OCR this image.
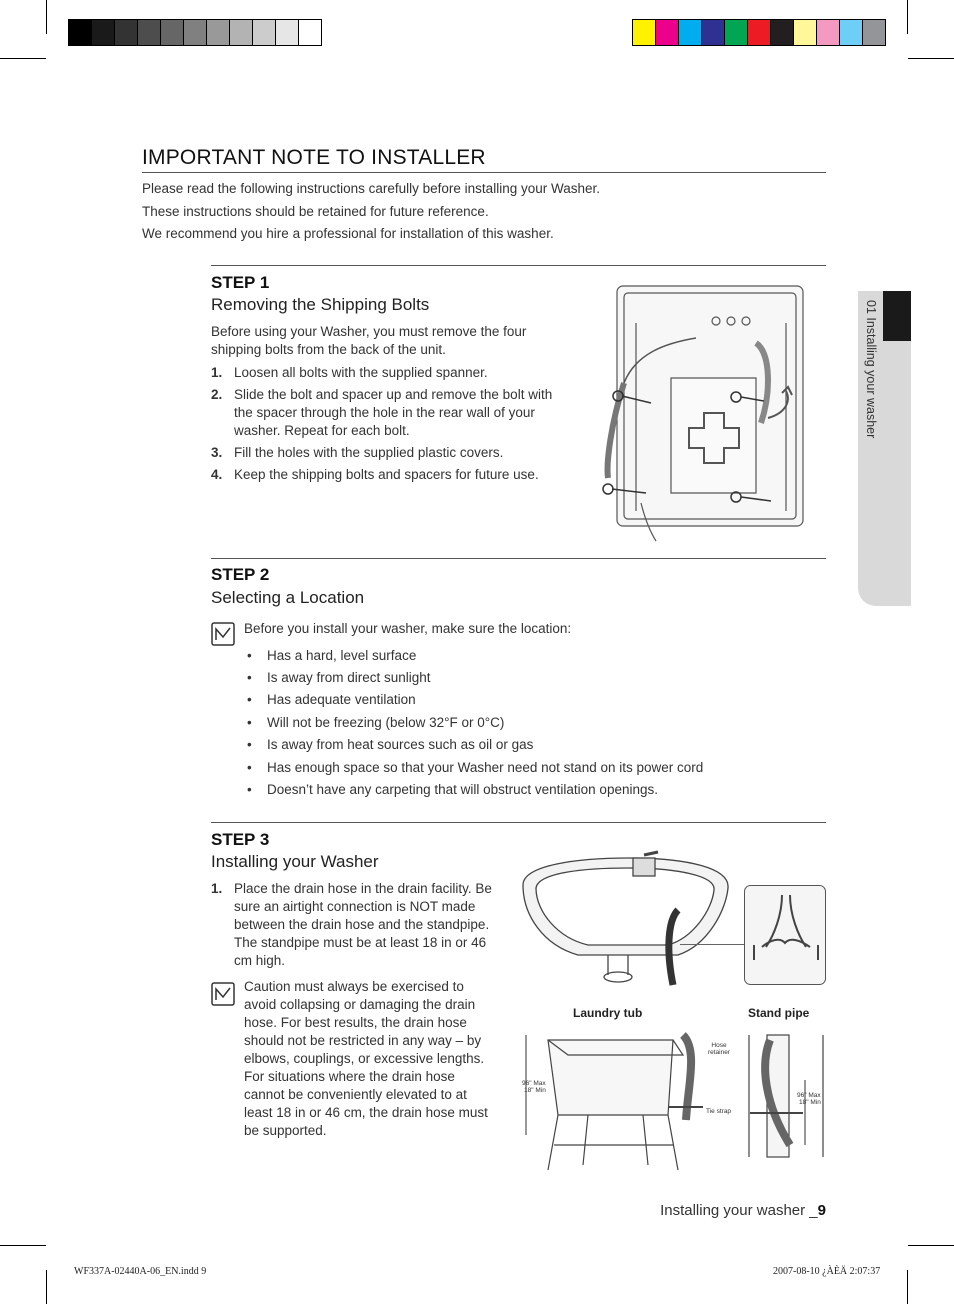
01 Installing your washer
IMPORTANT NOTE TO INSTALLER
Please read the following instructions carefully before installing your Washer.
These instructions should be retained for future reference.
We recommend you hire a professional for installation of this washer.
STEP 1
Removing the Shipping Bolts
Before using your Washer, you must remove the four
shipping bolts from the back of the unit.
1. Loosen all bolts with the supplied spanner.
2. Slide the bolt and spacer up and remove the bolt with
the spacer through the hole in the rear wall of your
washer. Repeat for each bolt.
3. Fill the holes with the supplied plastic covers.
4. Keep the shipping bolts and spacers for future use.
STEP 2
Selecting a Location
Before you install your washer, make sure the location:
• Has a hard, level surface
• Is away from direct sunlight
• Has adequate ventilation
• Will not be freezing (below 32°F or 0°C)
• Is away from heat sources such as oil or gas
• Has enough space so that your Washer need not stand on its power cord
• Doesn’t have any carpeting that will obstruct ventilation openings.
STEP 3
Installing your Washer
1. Place the drain hose in the drain facility. Be
sure an airtight connection is NOT made
between the drain hose and the standpipe.
The standpipe must be at least 18 in or 46
cm high.
Caution must always be exercised to
avoid collapsing or damaging the drain
hose. For best results, the drain hose
should not be restricted in any way – by
elbows, couplings, or excessive lengths.
For situations where the drain hose
cannot be conveniently elevated to at
least 18 in or 46 cm, the drain hose must
be supported.
Laundry tub	Stand pipe
96" Max
18" Min
Hose retainer
Tie strap
96" Max
18" Min
Installing your washer _9
WF337A-02440A-06_EN.indd 9	2007-08-10 ¿ÀÈÄ 2:07:37
